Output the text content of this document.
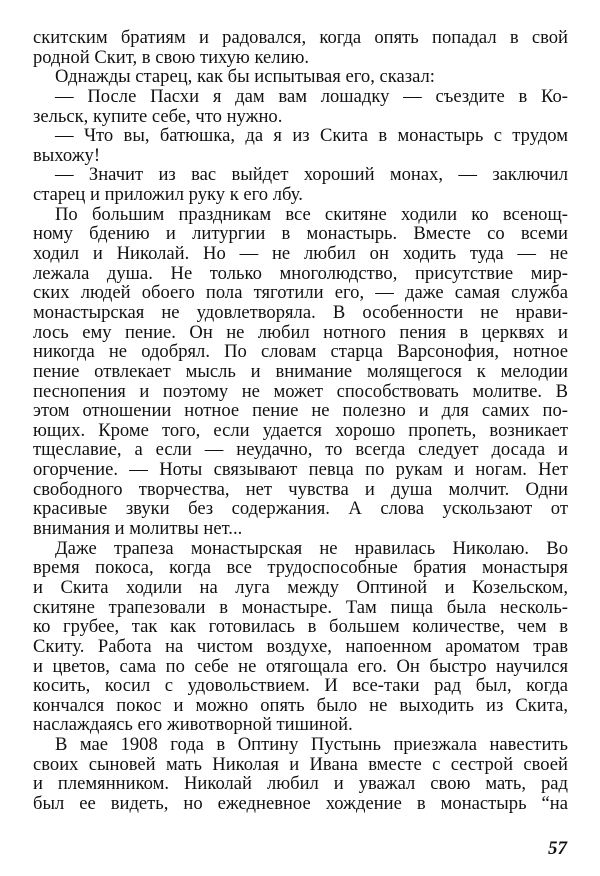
скитским братиям и радовался, когда опять попадал в свой
родной Скит, в свою тихую келию.
Однажды старец, как бы испытывая его, сказал:
— После Пасхи я дам вам лошадку — съездите в Ко-
зельск, купите себе, что нужно.
— Что вы, батюшка, да я из Скита в монастырь с трудом
выхожу!
— Значит из вас выйдет хороший монах, — заключил
старец и приложил руку к его лбу.
По большим праздникам все скитяне ходили ко всенощ-
ному бдению и литургии в монастырь. Вместе со всеми
ходил и Николай. Но — не любил он ходить туда — не
лежала душа. Не только многолюдство, присутствие мир-
ских людей обоего пола тяготили его, — даже самая служба
монастырская не удовлетворяла. В особенности не нрави-
лось ему пение. Он не любил нотного пения в церквях и
никогда не одобрял. По словам старца Варсонофия, нотное
пение отвлекает мысль и внимание молящегося к мелодии
песнопения и поэтому не может способствовать молитве. В
этом отношении нотное пение не полезно и для самих по-
ющих. Кроме того, если удается хорошо пропеть, возникает
тщеславие, а если — неудачно, то всегда следует досада и
огорчение. — Ноты связывают певца по рукам и ногам. Нет
свободного творчества, нет чувства и душа молчит. Одни
красивые звуки без содержания. А слова ускользают от
внимания и молитвы нет...
Даже трапеза монастырская не нравилась Николаю. Во
время покоса, когда все трудоспособные братия монастыря
и Скита ходили на луга между Оптиной и Козельском,
скитяне трапезовали в монастыре. Там пища была несколь-
ко грубее, так как готовилась в большем количестве, чем в
Скиту. Работа на чистом воздухе, напоенном ароматом трав
и цветов, сама по себе не отягощала его. Он быстро научился
косить, косил с удовольствием. И все-таки рад был, когда
кончался покос и можно опять было не выходить из Скита,
наслаждаясь его животворной тишиной.
В мае 1908 года в Оптину Пустынь приезжала навестить
своих сыновей мать Николая и Ивана вместе с сестрой своей
и племянником. Николай любил и уважал свою мать, рад
был ее видеть, но ежедневное хождение в монастырь “на
57
